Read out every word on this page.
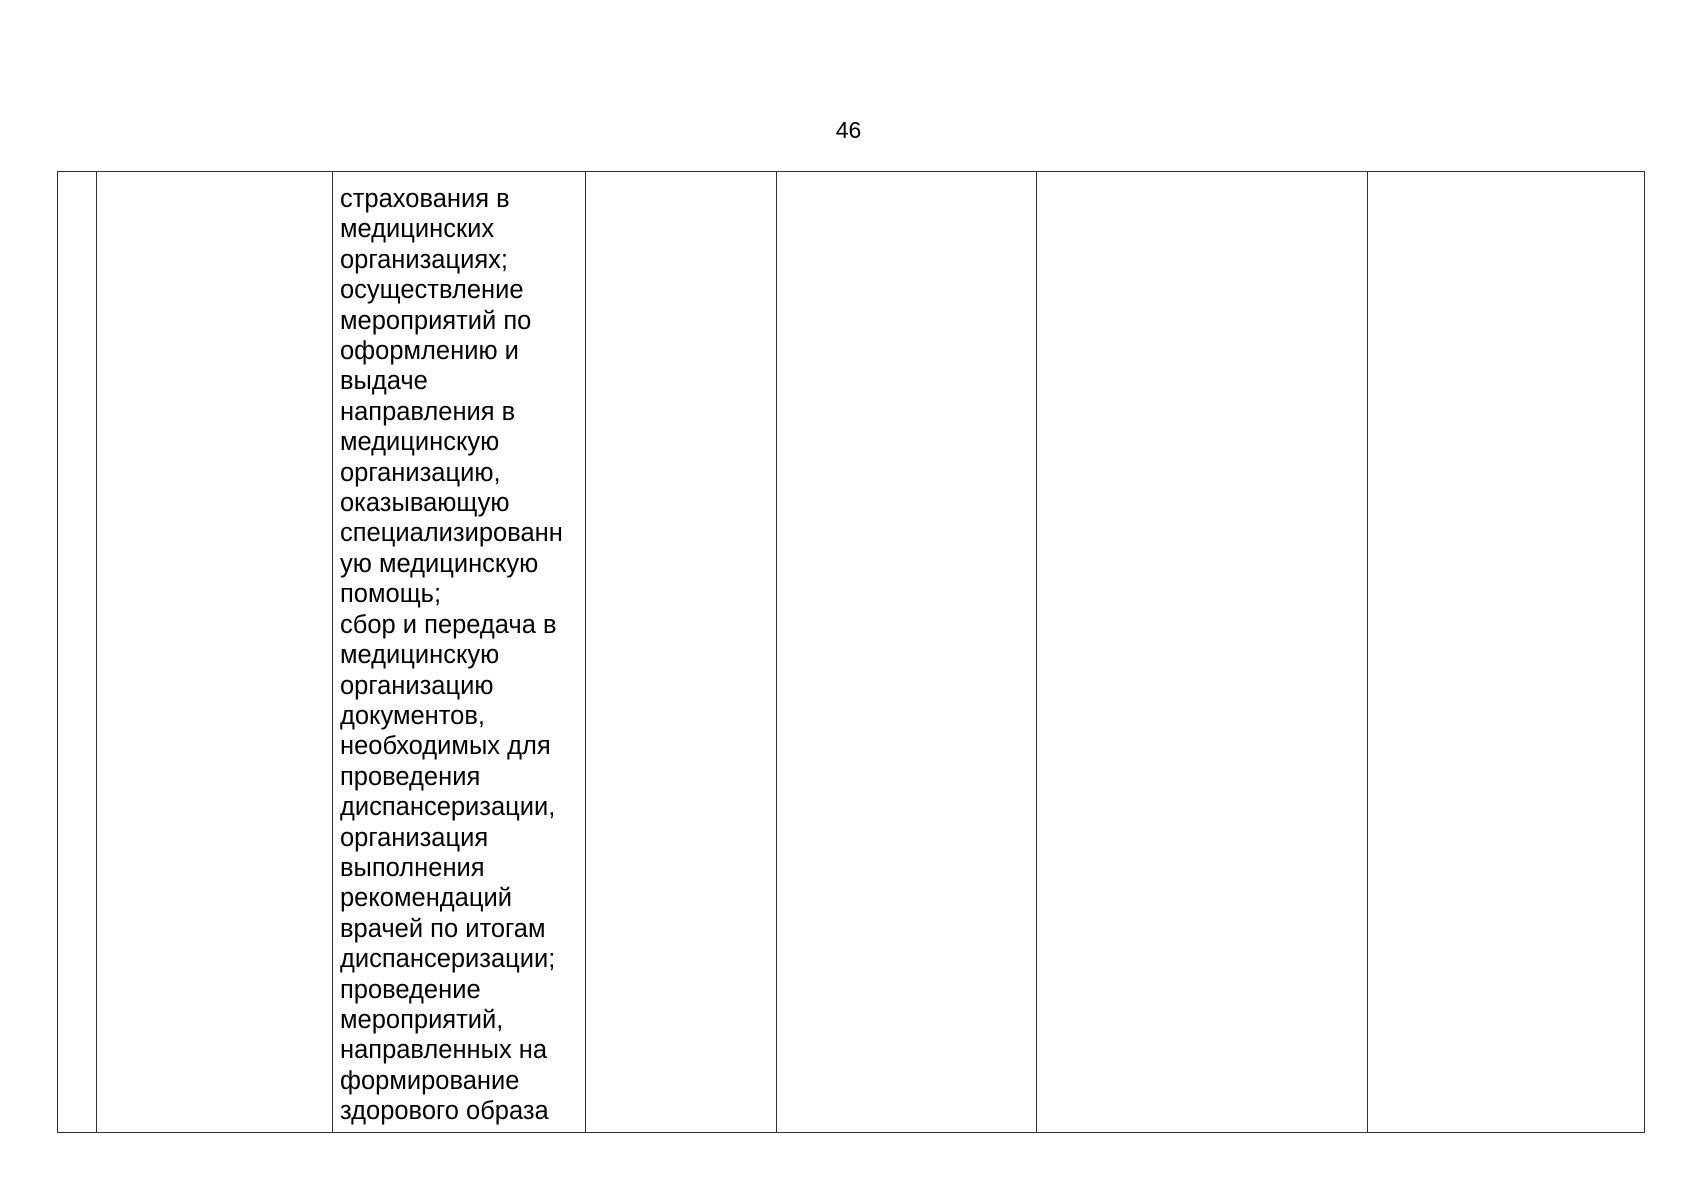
46

страхования в
медицинских
организациях;
осуществление
мероприятий по
оформлению и
выдаче
направления в
медицинскую
организацию,
оказывающую
специализированн
ую медицинскую
помощь;
сбор и передача в
медицинскую
организацию
документов,
необходимых для
проведения
диспансеризации,
организация
выполнения
рекомендаций
врачей по итогам
диспансеризации;
проведение
мероприятий,
направленных на
формирование
здорового образа
